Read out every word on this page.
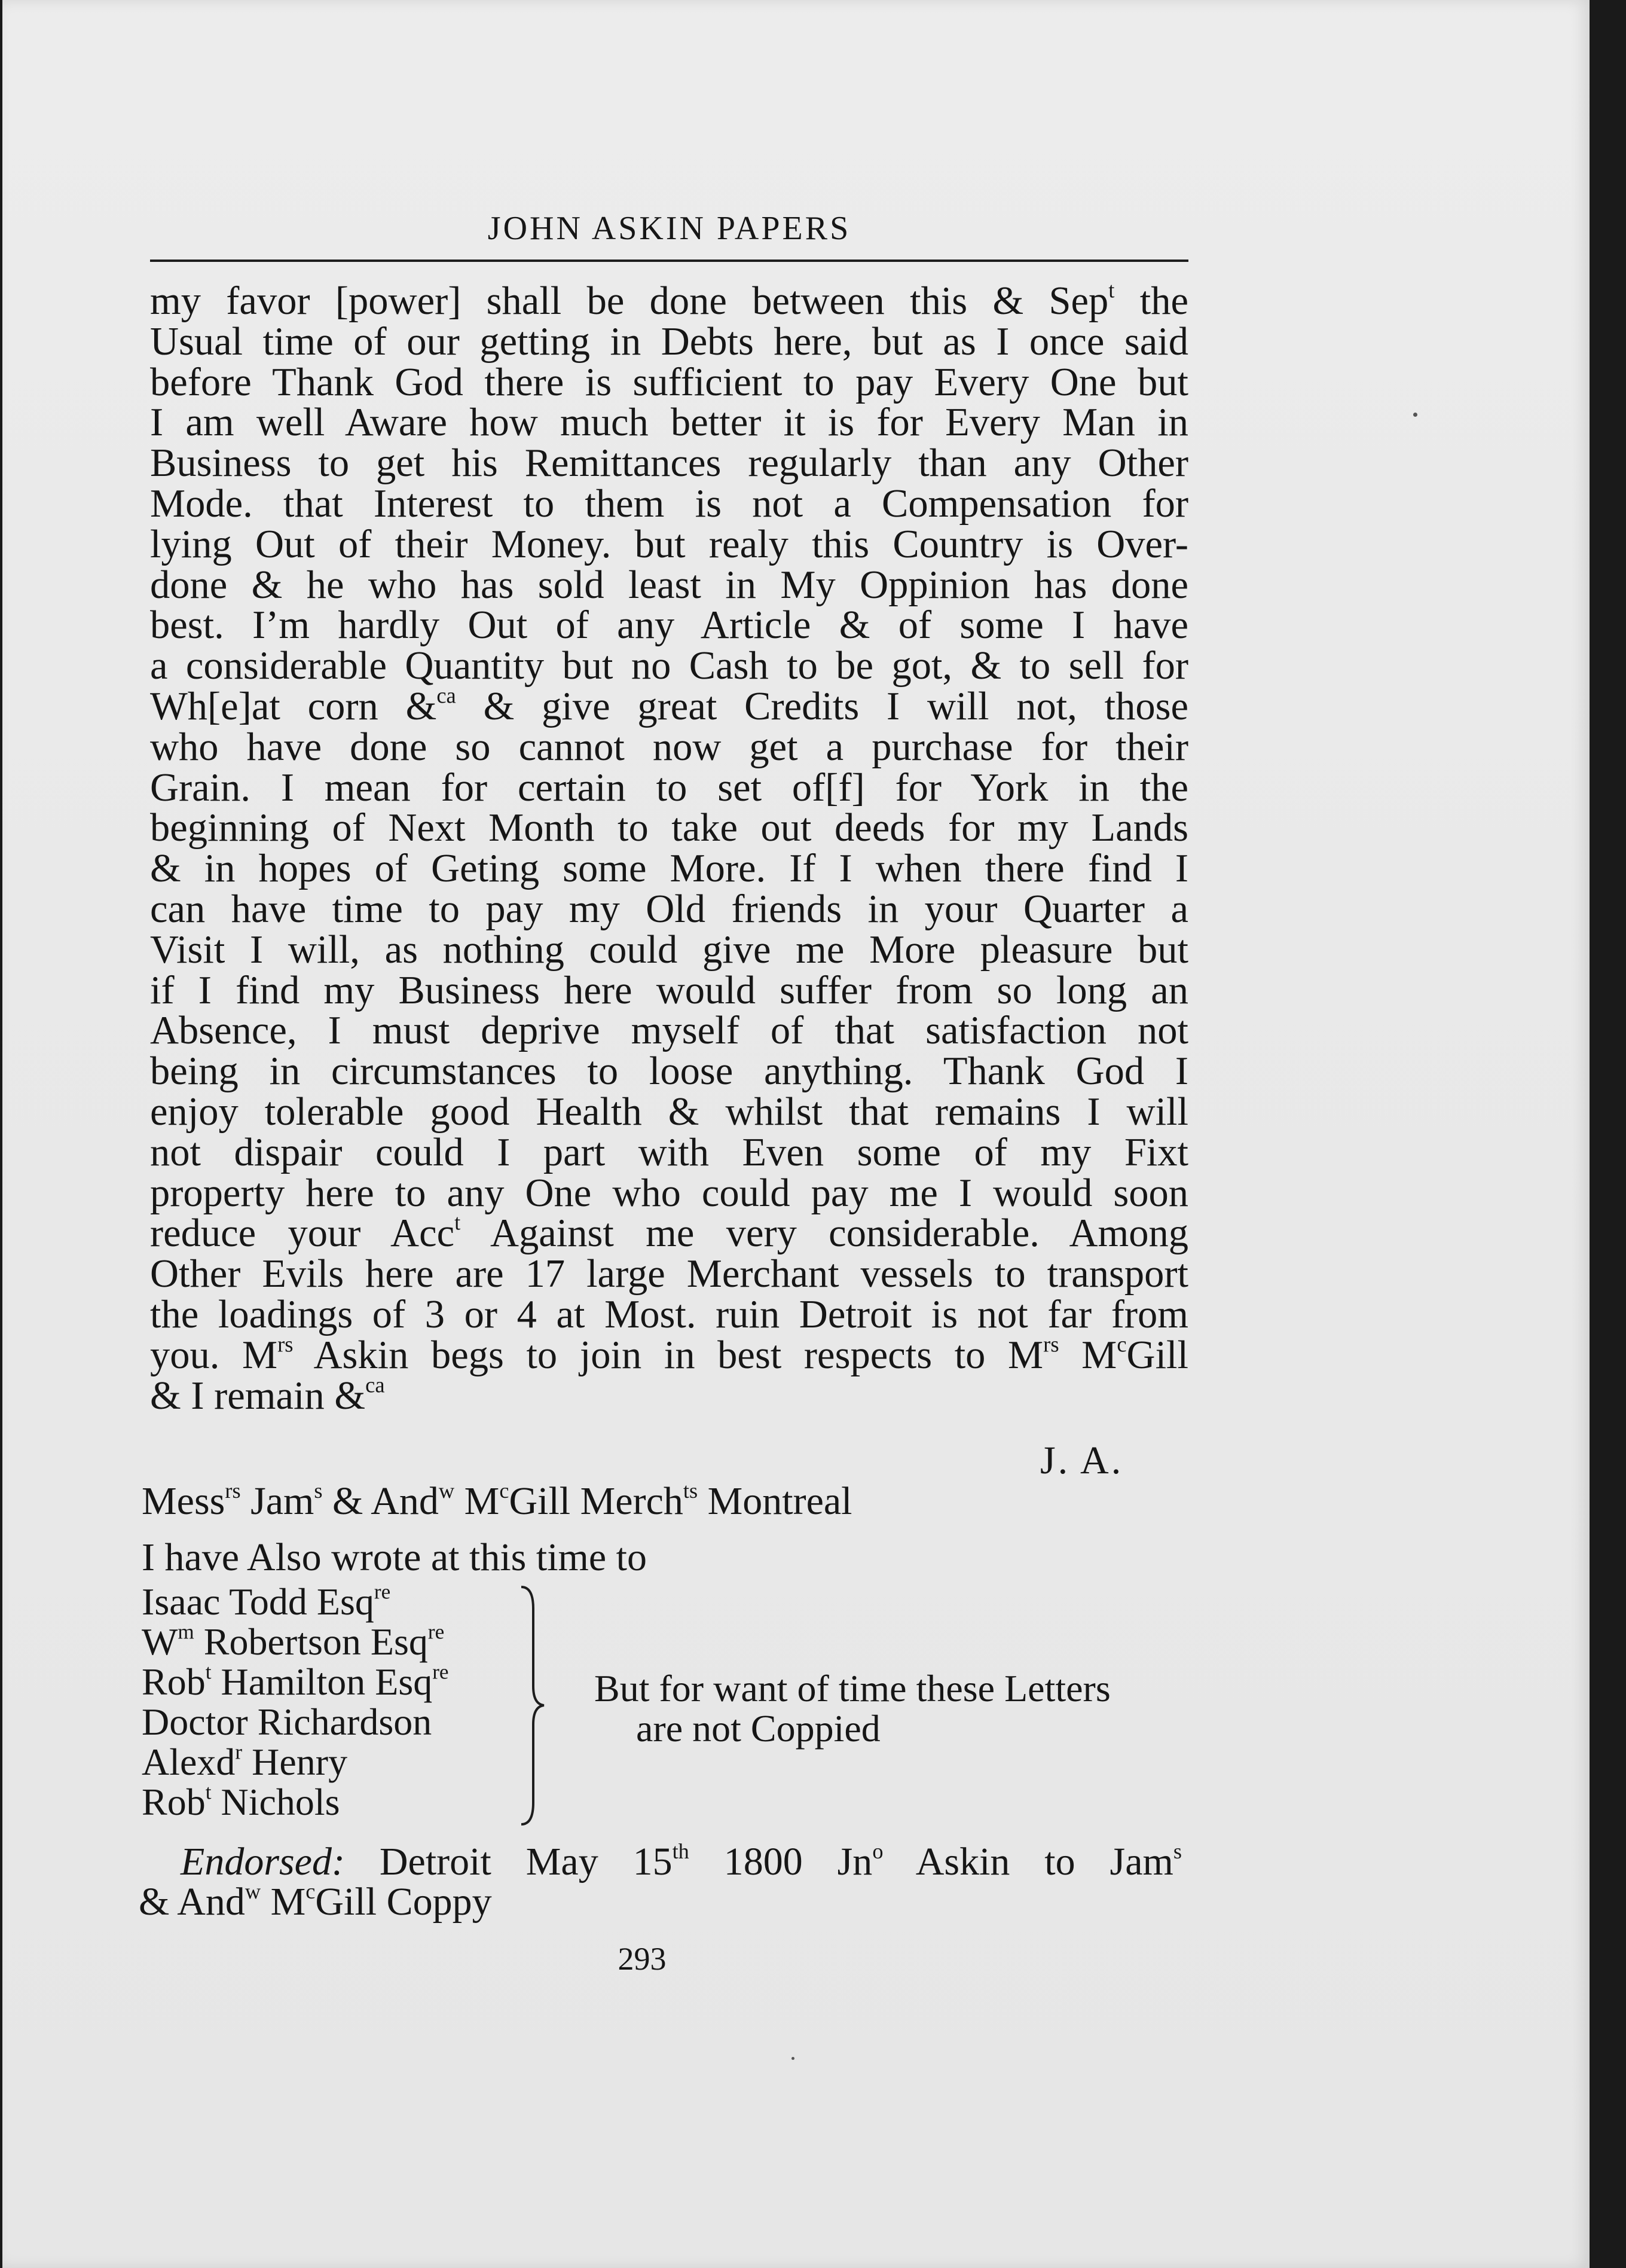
JOHN ASKIN PAPERS
my favor [power] shall be done between this & Sep$^t$ the
Usual time of our getting in Debts here, but as I once said
before Thank God there is sufficient to pay Every One but
I am well Aware how much better it is for Every Man in
Business to get his Remittances regularly than any Other
Mode. that Interest to them is not a Compensation for
lying Out of their Money. but realy this Country is Over-
done & he who has sold least in My Oppinion has done
best. I’m hardly Out of any Article & of some I have
a considerable Quantity but no Cash to be got, & to sell for
Wh[e]at corn &$^{ca}$ & give great Credits I will not, those
who have done so cannot now get a purchase for their
Grain. I mean for certain to set of[f] for York in the
beginning of Next Month to take out deeds for my Lands
& in hopes of Geting some More. If I when there find I
can have time to pay my Old friends in your Quarter a
Visit I will, as nothing could give me More pleasure but
if I find my Business here would suffer from so long an
Absence, I must deprive myself of that satisfaction not
being in circumstances to loose anything. Thank God I
enjoy tolerable good Health & whilst that remains I will
not dispair could I part with Even some of my Fixt
property here to any One who could pay me I would soon
reduce your Acc$^t$ Against me very considerable. Among
Other Evils here are 17 large Merchant vessels to transport
the loadings of 3 or 4 at Most. ruin Detroit is not far from
you. $M^{rs}$ Askin begs to join in best respects to $M^{rs}$ $M^cGill$
& I remain &$^{ca}$
J. A.
Mess$^{rs}$ Jam$^s$ & And$^w$ $M^cGill$ Merch$^{ts}$ Montreal
I have Also wrote at this time to
Isaac Todd Esq$^{re}$
$W^m$ Robertson Esq$^{re}$
Rob$^t$ Hamilton Esq$^{re}$
Doctor Richardson
Alexd$^r$ Henry
Rob$^t$ Nichols
But for want of time these Letters
are not Coppied
Endorsed: Detroit May 15th 1800 Jn$^o$ Askin to Jam$^s$
& And$^w$ $M^cGill$ Coppy
293
